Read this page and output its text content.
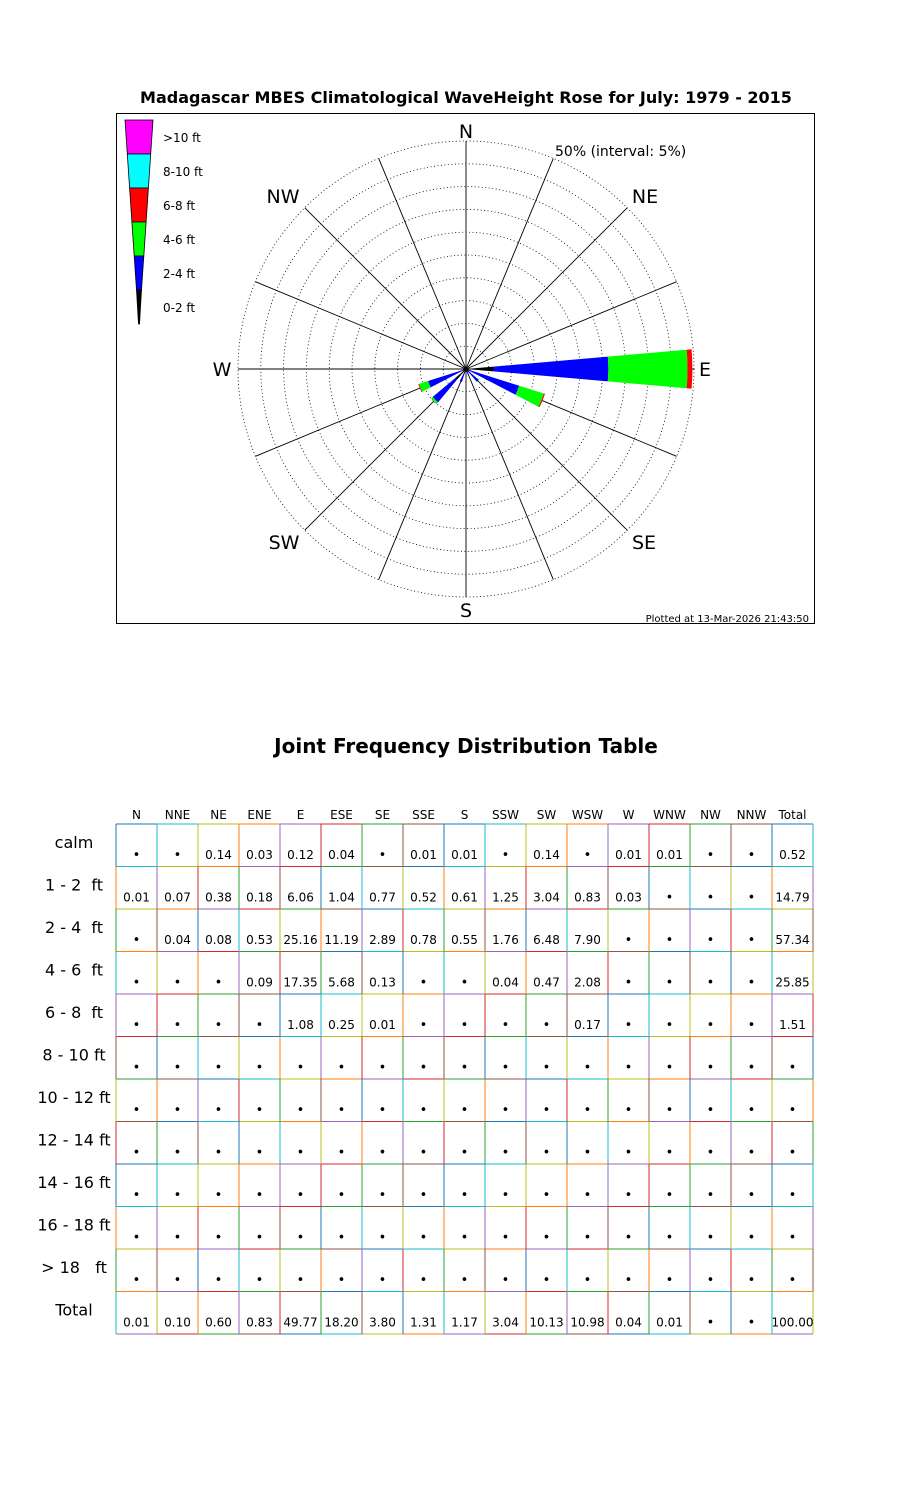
Madagascar MBES Climatological WaveHeight Rose for July: 1979 - 2015
>10 ft
8-10 ft
6-8 ft
4-6 ft
2-4 ft
0-2 ft
N
NE
E
SE
S
SW
W
NW
50% (interval: 5%)
Plotted at 13-Mar-2026 21:43:50
Joint Frequency Distribution Table
N NNE NE ENE E ESE SE SSE S SSW SW WSW W WNW NW NNW Total
calm
•	• 0.14 0.03 0.12 0.04 • 0.01 0.01 • 0.14 • 0.01 0.01 •	• 0.52
1 - 2  ft
0.01 0.07 0.38 0.18 6.06 1.04 0.77 0.52 0.61 1.25 3.04 0.83 0.03 •	•	• 14.79
2 - 4  ft
• 0.04 0.08 0.53 25.16 11.19 2.89 0.78 0.55 1.76 6.48 7.90 •	•	•	• 57.34
4 - 6  ft
•	•	• 0.09 17.35 5.68 0.13 •	• 0.04 0.47 2.08 •	•	•	• 25.85
6 - 8  ft
•	•	•	• 1.08 0.25 0.01 •	•	•	• 0.17 •	•	•	• 1.51
8 - 10 ft
•	•	•	•	•	•	•	•	•	•	•	•	•	•	•	•	•
10 - 12 ft
•	•	•	•	•	•	•	•	•	•	•	•	•	•	•	•	•
12 - 14 ft
•	•	•	•	•	•	•	•	•	•	•	•	•	•	•	•	•
14 - 16 ft
•	•	•	•	•	•	•	•	•	•	•	•	•	•	•	•	•
16 - 18 ft
•	•	•	•	•	•	•	•	•	•	•	•	•	•	•	•	•
> 18   ft
•	•	•	•	•	•	•	•	•	•	•	•	•	•	•	•	•
Total
0.01 0.10 0.60 0.83 49.77 18.20 3.80 1.31 1.17 3.04 10.13 10.98 0.04 0.01 •	• 100.00
